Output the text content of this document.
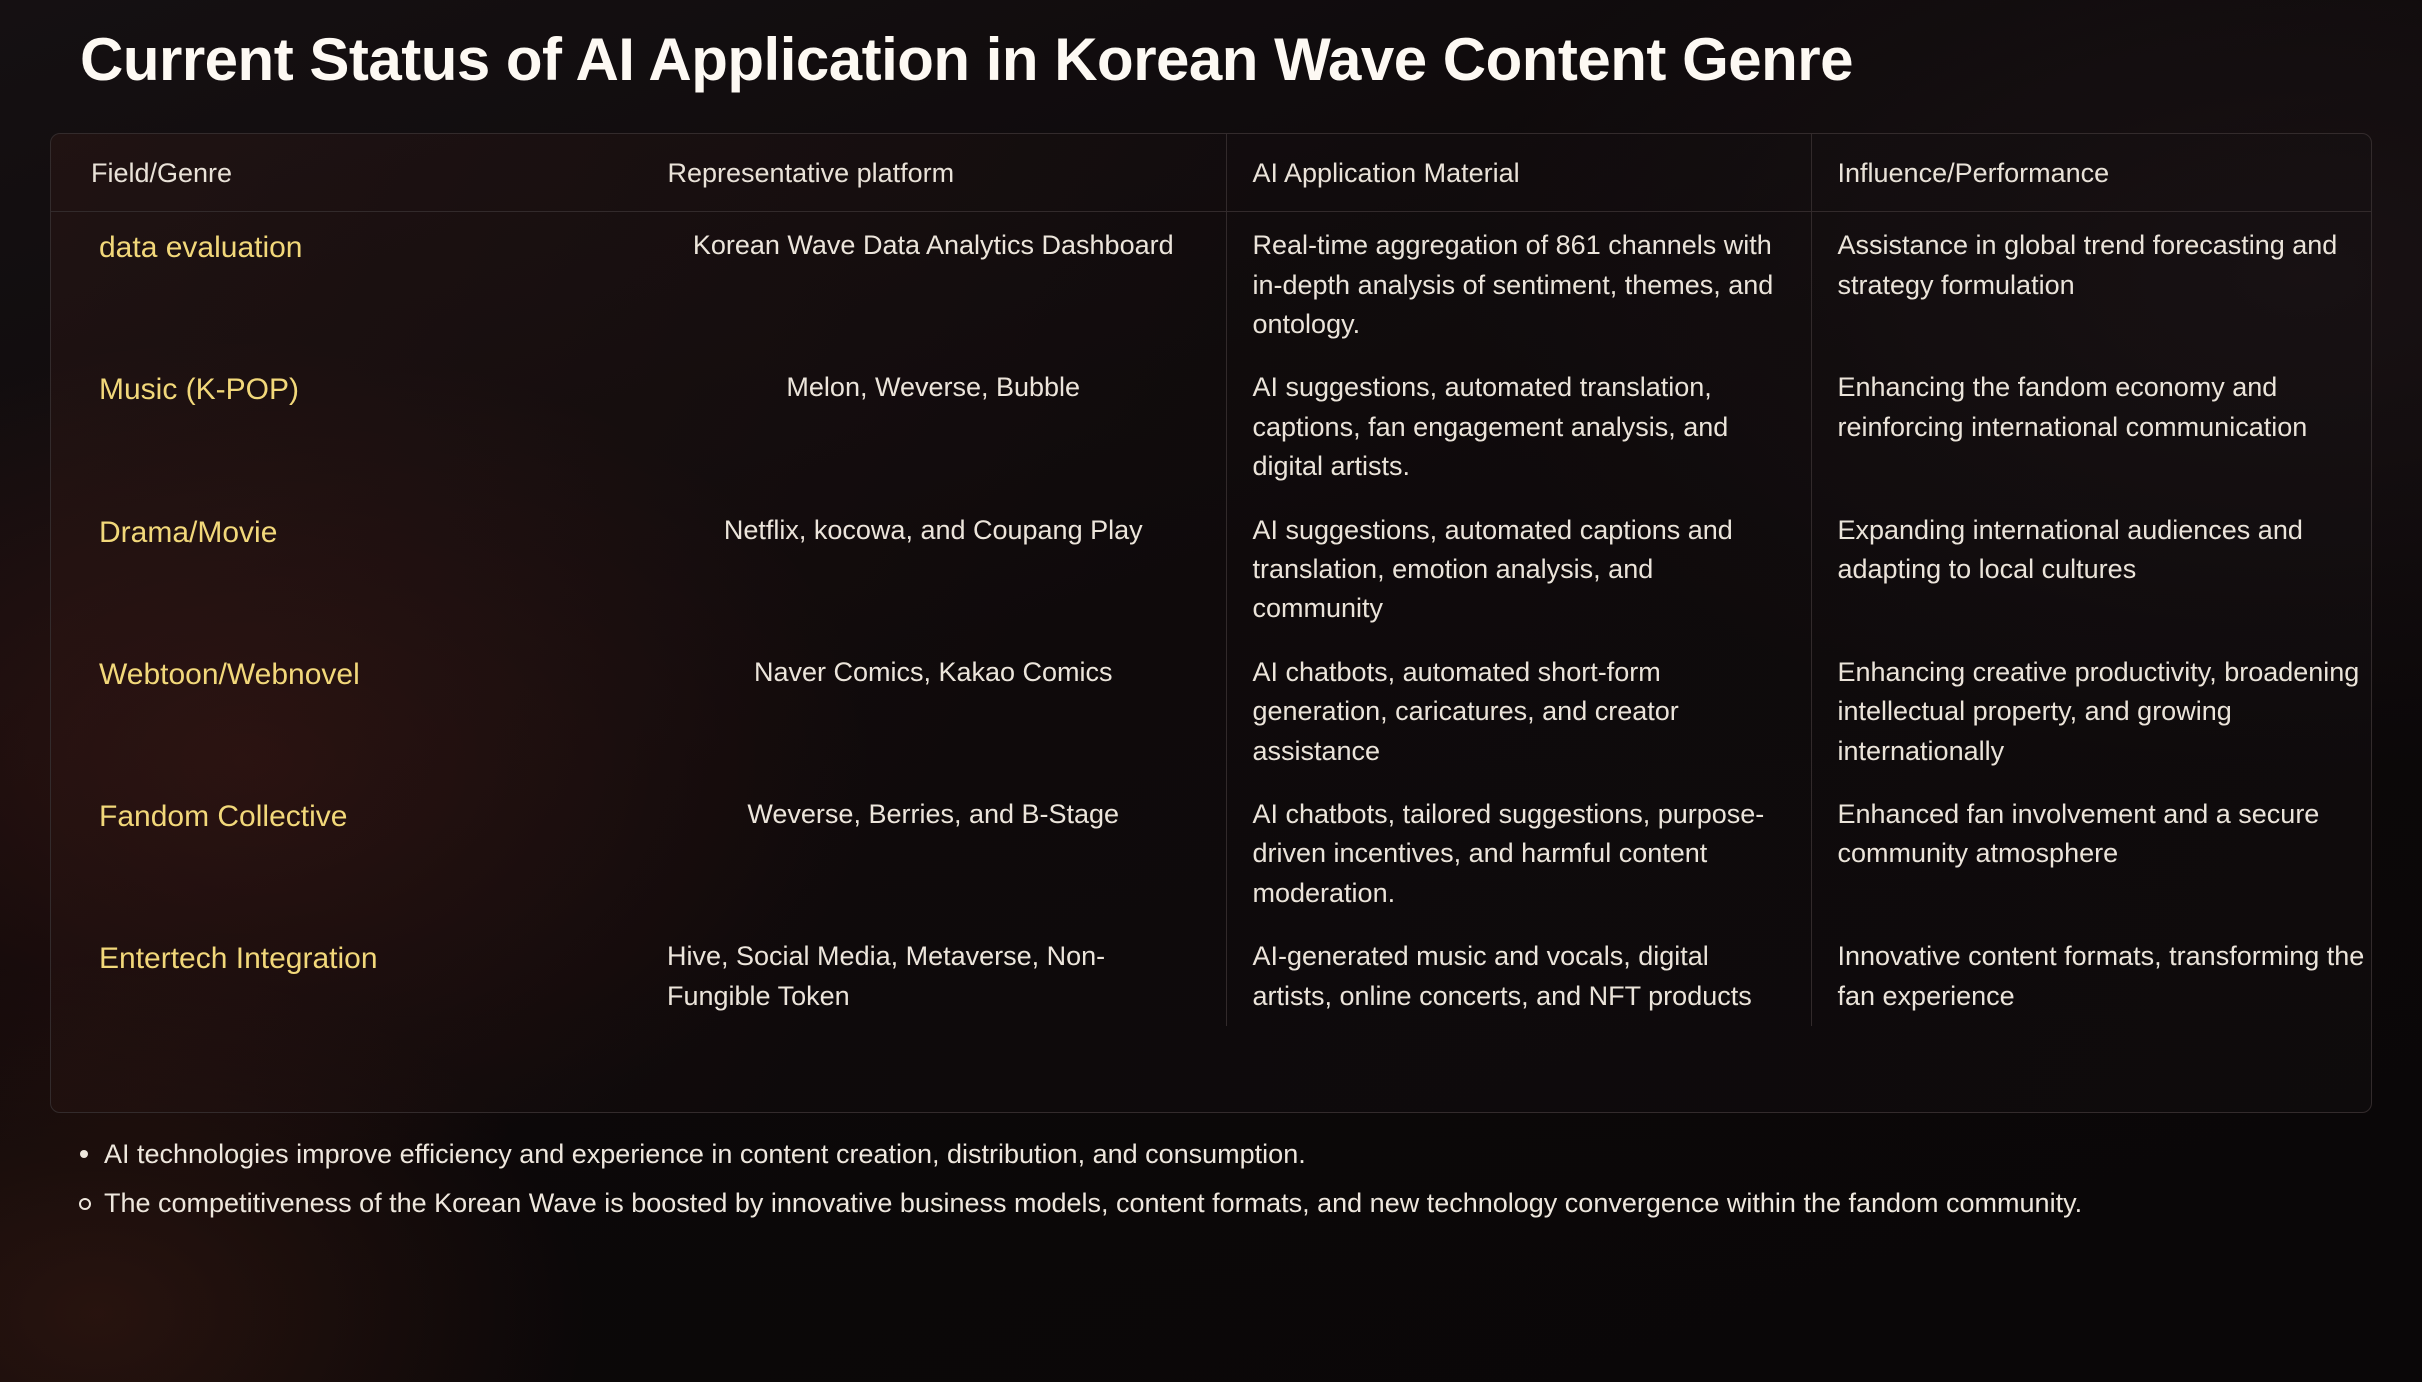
Current Status of AI Application in Korean Wave Content Genre
Field/Genre	Representative platform	AI Application Material	Influence/Performance
data evaluation	Korean Wave Data Analytics Dashboard	Real-time aggregation of 861 channels with in-depth analysis of sentiment, themes, and ontology.	Assistance in global trend forecasting and strategy formulation
Music (K-POP)	Melon, Weverse, Bubble	AI suggestions, automated translation, captions, fan engagement analysis, and digital artists.	Enhancing the fandom economy and reinforcing international communication
Drama/Movie	Netflix, kocowa, and Coupang Play	AI suggestions, automated captions and translation, emotion analysis, and community	Expanding international audiences and adapting to local cultures
Webtoon/Webnovel	Naver Comics, Kakao Comics	AI chatbots, automated short-form generation, caricatures, and creator assistance	Enhancing creative productivity, broadening intellectual property, and growing internationally
Fandom Collective	Weverse, Berries, and B-Stage	AI chatbots, tailored suggestions, purpose-driven incentives, and harmful content moderation.	Enhanced fan involvement and a secure community atmosphere
Entertech Integration	Hive, Social Media, Metaverse, Non-Fungible Token	AI-generated music and vocals, digital artists, online concerts, and NFT products	Innovative content formats, transforming the fan experience
AI technologies improve efficiency and experience in content creation, distribution, and consumption.
The competitiveness of the Korean Wave is boosted by innovative business models, content formats, and new technology convergence within the fandom community.
